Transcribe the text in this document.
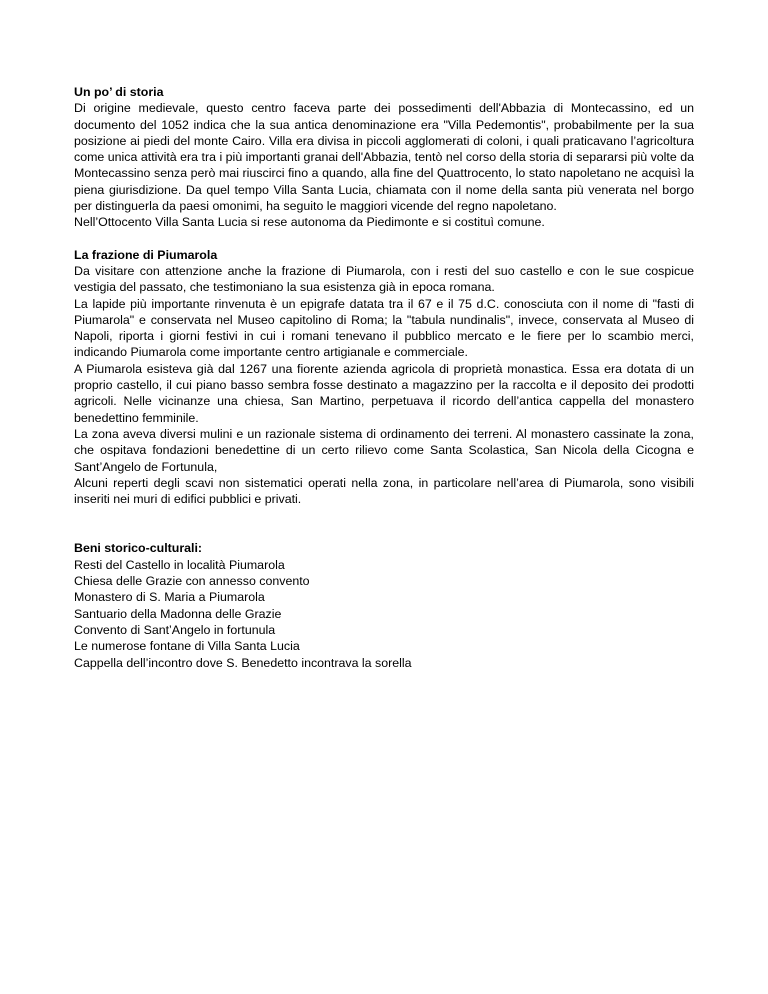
Un po’ di storia

Di origine medievale, questo centro faceva parte dei possedimenti dell'Abbazia di Montecassino, ed un documento del 1052 indica che la sua antica denominazione era "Villa Pedemontis", probabilmente per la sua posizione ai piedi del monte Cairo. Villa era divisa in piccoli agglomerati di coloni, i quali praticavano l’agricoltura come unica attività era tra i più importanti granai dell'Abbazia, tentò nel corso della storia di separarsi più volte da Montecassino senza però mai riuscirci fino a quando, alla fine del Quattrocento, lo stato napoletano ne acquisì la piena giurisdizione. Da quel tempo Villa Santa Lucia, chiamata con il nome della santa più venerata nel borgo per distinguerla da paesi omonimi, ha seguito le maggiori vicende del regno napoletano.

Nell’Ottocento Villa Santa Lucia si rese autonoma da Piedimonte e si costituì comune.

La frazione di Piumarola

Da visitare con attenzione anche la frazione di Piumarola, con i resti del suo castello e con le sue cospicue vestigia del passato, che testimoniano la sua esistenza già in epoca romana.

La lapide più importante rinvenuta è un epigrafe datata tra il 67 e il 75 d.C. conosciuta con il nome di "fasti di Piumarola" e conservata nel Museo capitolino di Roma; la "tabula nundinalis", invece, conservata al Museo di Napoli, riporta i giorni festivi in cui i romani tenevano il pubblico mercato e le fiere per lo scambio merci, indicando Piumarola come importante centro artigianale e commerciale.

A Piumarola esisteva già dal 1267 una fiorente azienda agricola di proprietà monastica. Essa era dotata di un proprio castello, il cui piano basso sembra fosse destinato a magazzino per la raccolta e il deposito dei prodotti agricoli. Nelle vicinanze una chiesa, San Martino, perpetuava il ricordo dell’antica cappella del monastero benedettino femminile.

La zona aveva diversi mulini e un razionale sistema di ordinamento dei terreni. Al monastero cassinate la zona, che ospitava fondazioni benedettine di un certo rilievo come Santa Scolastica, San Nicola della Cicogna e Sant’Angelo de Fortunula,

Alcuni reperti degli scavi non sistematici operati nella zona, in particolare nell’area di Piumarola, sono visibili inseriti nei muri di edifici pubblici e privati.

Beni storico-culturali:

Resti del Castello in località Piumarola
Chiesa delle Grazie con annesso convento
Monastero di S. Maria a Piumarola
Santuario della Madonna delle Grazie
Convento di Sant’Angelo in fortunula
Le numerose fontane di Villa Santa Lucia
Cappella dell’incontro dove S. Benedetto incontrava la sorella
